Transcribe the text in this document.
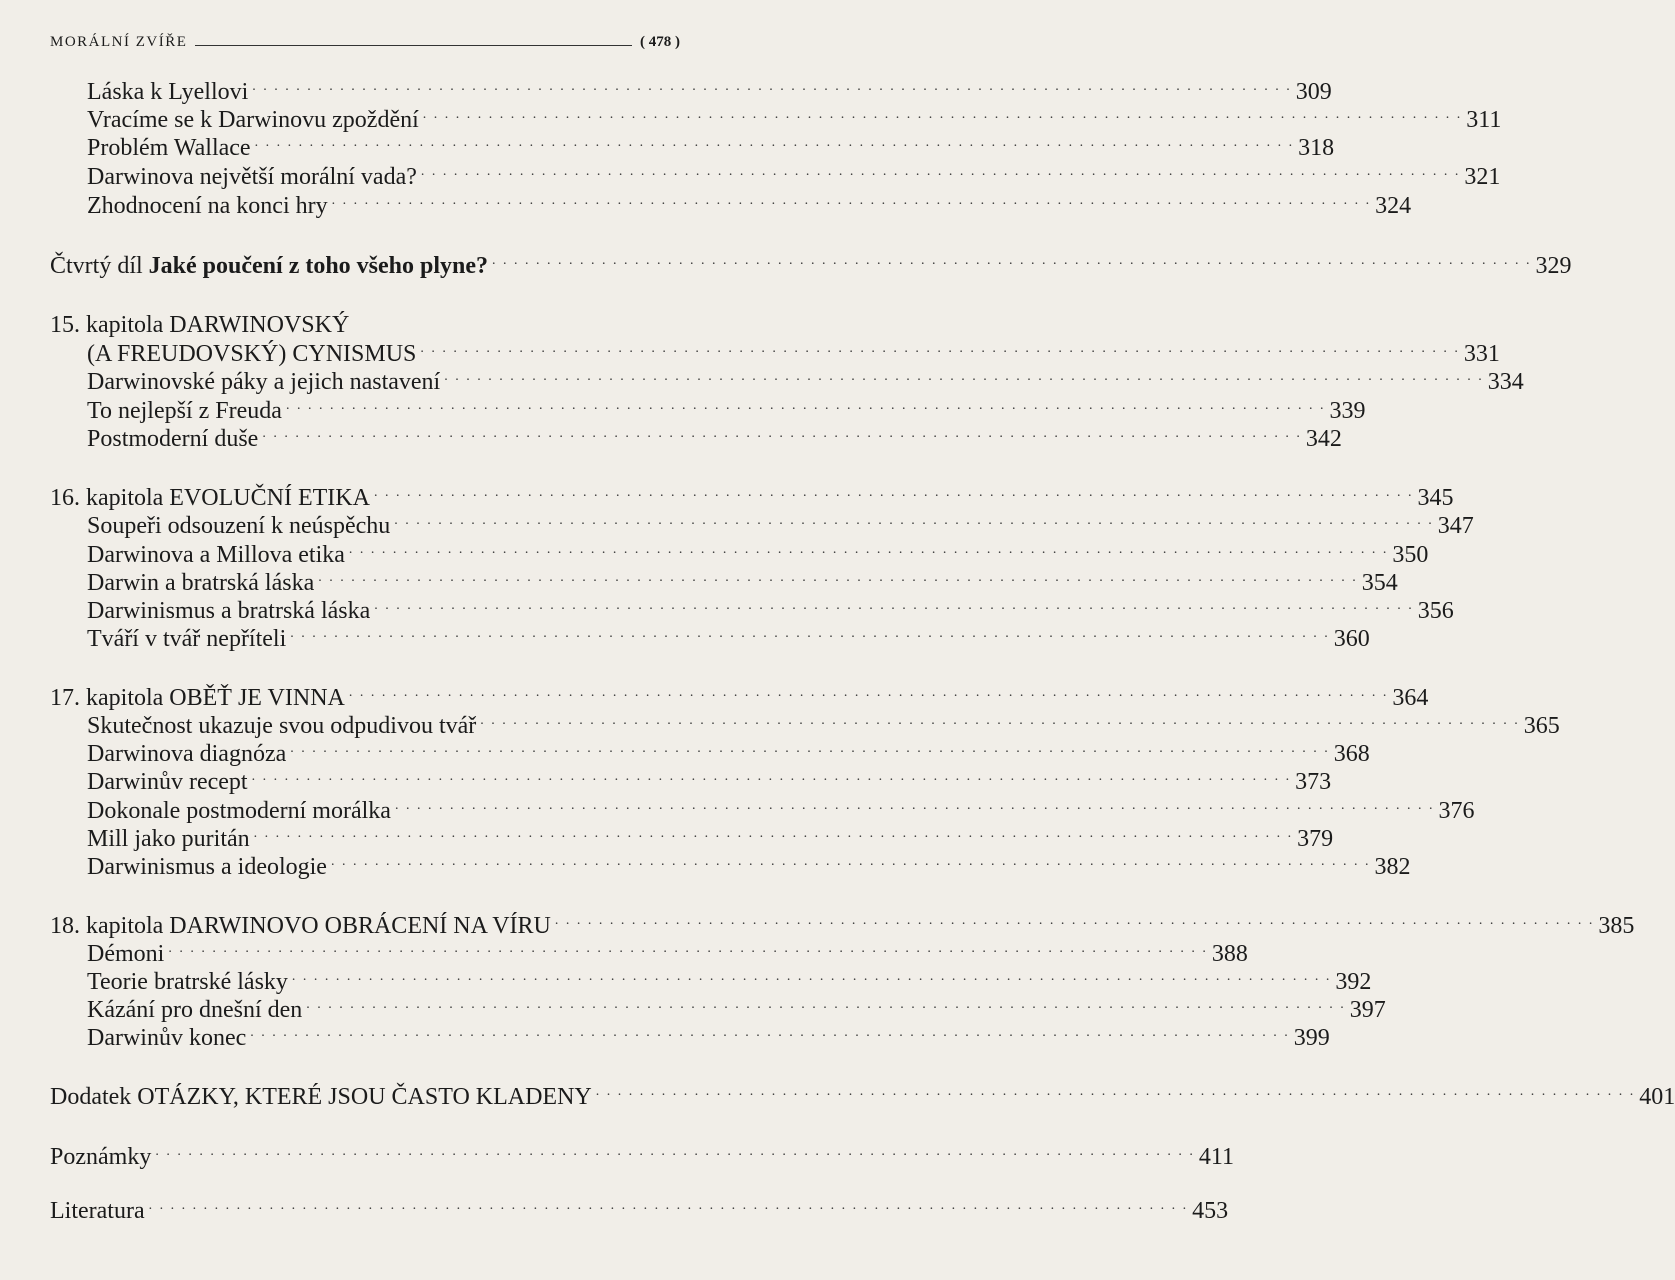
MORÁLNÍ ZVÍŘE	( 478 )
Láska k Lyellovi . . . . . . . . . . . . . . . . . . . . . . . . . . . . . . . . . . . . . . . . . . . . . . . . . . . . . . . . . . . . . . . . . . . . . . . . . . . . . . . . . . . . . . . . . . . . . . . 309
Vracíme se k Darwinovu zpoždění . . . . . . . . . . . . . . . . . . . . . . . . . . . . . . . . . . . . . . . . . . . . . . . . . . . . . . . . . . . . . . . . . . . . . . . . . . . . . . . . . . . . . . . . . . . . . . . 311
Problém Wallace . . . . . . . . . . . . . . . . . . . . . . . . . . . . . . . . . . . . . . . . . . . . . . . . . . . . . . . . . . . . . . . . . . . . . . . . . . . . . . . . . . . . . . . . . . . . . . . 318
Darwinova největší morální vada? . . . . . . . . . . . . . . . . . . . . . . . . . . . . . . . . . . . . . . . . . . . . . . . . . . . . . . . . . . . . . . . . . . . . . . . . . . . . . . . . . . . . . . . . . . . . . . . 321
Zhodnocení na konci hry . . . . . . . . . . . . . . . . . . . . . . . . . . . . . . . . . . . . . . . . . . . . . . . . . . . . . . . . . . . . . . . . . . . . . . . . . . . . . . . . . . . . . . . . . . . . . . . 324
Čtvrtý díl Jaké poučení z toho všeho plyne? . . . . . . . . . . . . . . . . . . . . . . . . . . . . . . . . . . . . . . . . . . . . . . . . . . . . . . . . . . . . . . . . . . . . . . . . . . . . . . . . . . . . . . . . . . . . . . . 329
15. kapitola DARWINOVSKÝ
(A FREUDOVSKÝ) CYNISMUS . . . . . . . . . . . . . . . . . . . . . . . . . . . . . . . . . . . . . . . . . . . . . . . . . . . . . . . . . . . . . . . . . . . . . . . . . . . . . . . . . . . . . . . . . . . . . . . 331
Darwinovské páky a jejich nastavení . . . . . . . . . . . . . . . . . . . . . . . . . . . . . . . . . . . . . . . . . . . . . . . . . . . . . . . . . . . . . . . . . . . . . . . . . . . . . . . . . . . . . . . . . . . . . . . 334
To nejlepší z Freuda . . . . . . . . . . . . . . . . . . . . . . . . . . . . . . . . . . . . . . . . . . . . . . . . . . . . . . . . . . . . . . . . . . . . . . . . . . . . . . . . . . . . . . . . . . . . . . . 339
Postmoderní duše . . . . . . . . . . . . . . . . . . . . . . . . . . . . . . . . . . . . . . . . . . . . . . . . . . . . . . . . . . . . . . . . . . . . . . . . . . . . . . . . . . . . . . . . . . . . . . . 342
16. kapitola EVOLUČNÍ ETIKA . . . . . . . . . . . . . . . . . . . . . . . . . . . . . . . . . . . . . . . . . . . . . . . . . . . . . . . . . . . . . . . . . . . . . . . . . . . . . . . . . . . . . . . . . . . . . . . 345
Soupeři odsouzení k neúspěchu . . . . . . . . . . . . . . . . . . . . . . . . . . . . . . . . . . . . . . . . . . . . . . . . . . . . . . . . . . . . . . . . . . . . . . . . . . . . . . . . . . . . . . . . . . . . . . . 347
Darwinova a Millova etika . . . . . . . . . . . . . . . . . . . . . . . . . . . . . . . . . . . . . . . . . . . . . . . . . . . . . . . . . . . . . . . . . . . . . . . . . . . . . . . . . . . . . . . . . . . . . . . 350
Darwin a bratrská láska . . . . . . . . . . . . . . . . . . . . . . . . . . . . . . . . . . . . . . . . . . . . . . . . . . . . . . . . . . . . . . . . . . . . . . . . . . . . . . . . . . . . . . . . . . . . . . . 354
Darwinismus a bratrská láska . . . . . . . . . . . . . . . . . . . . . . . . . . . . . . . . . . . . . . . . . . . . . . . . . . . . . . . . . . . . . . . . . . . . . . . . . . . . . . . . . . . . . . . . . . . . . . . 356
Tváří v tvář nepříteli . . . . . . . . . . . . . . . . . . . . . . . . . . . . . . . . . . . . . . . . . . . . . . . . . . . . . . . . . . . . . . . . . . . . . . . . . . . . . . . . . . . . . . . . . . . . . . . 360
17. kapitola OBĚŤ JE VINNA . . . . . . . . . . . . . . . . . . . . . . . . . . . . . . . . . . . . . . . . . . . . . . . . . . . . . . . . . . . . . . . . . . . . . . . . . . . . . . . . . . . . . . . . . . . . . . . 364
Skutečnost ukazuje svou odpudivou tvář . . . . . . . . . . . . . . . . . . . . . . . . . . . . . . . . . . . . . . . . . . . . . . . . . . . . . . . . . . . . . . . . . . . . . . . . . . . . . . . . . . . . . . . . . . . . . . . 365
Darwinova diagnóza . . . . . . . . . . . . . . . . . . . . . . . . . . . . . . . . . . . . . . . . . . . . . . . . . . . . . . . . . . . . . . . . . . . . . . . . . . . . . . . . . . . . . . . . . . . . . . . 368
Darwinův recept . . . . . . . . . . . . . . . . . . . . . . . . . . . . . . . . . . . . . . . . . . . . . . . . . . . . . . . . . . . . . . . . . . . . . . . . . . . . . . . . . . . . . . . . . . . . . . . 373
Dokonale postmoderní morálka . . . . . . . . . . . . . . . . . . . . . . . . . . . . . . . . . . . . . . . . . . . . . . . . . . . . . . . . . . . . . . . . . . . . . . . . . . . . . . . . . . . . . . . . . . . . . . . 376
Mill jako puritán . . . . . . . . . . . . . . . . . . . . . . . . . . . . . . . . . . . . . . . . . . . . . . . . . . . . . . . . . . . . . . . . . . . . . . . . . . . . . . . . . . . . . . . . . . . . . . . 379
Darwinismus a ideologie . . . . . . . . . . . . . . . . . . . . . . . . . . . . . . . . . . . . . . . . . . . . . . . . . . . . . . . . . . . . . . . . . . . . . . . . . . . . . . . . . . . . . . . . . . . . . . . 382
18. kapitola DARWINOVO OBRÁCENÍ NA VÍRU . . . . . . . . . . . . . . . . . . . . . . . . . . . . . . . . . . . . . . . . . . . . . . . . . . . . . . . . . . . . . . . . . . . . . . . . . . . . . . . . . . . . . . . . . . . . . . . 385
Démoni . . . . . . . . . . . . . . . . . . . . . . . . . . . . . . . . . . . . . . . . . . . . . . . . . . . . . . . . . . . . . . . . . . . . . . . . . . . . . . . . . . . . . . . . . . . . . . . 388
Teorie bratrské lásky . . . . . . . . . . . . . . . . . . . . . . . . . . . . . . . . . . . . . . . . . . . . . . . . . . . . . . . . . . . . . . . . . . . . . . . . . . . . . . . . . . . . . . . . . . . . . . . 392
Kázání pro dnešní den . . . . . . . . . . . . . . . . . . . . . . . . . . . . . . . . . . . . . . . . . . . . . . . . . . . . . . . . . . . . . . . . . . . . . . . . . . . . . . . . . . . . . . . . . . . . . . . 397
Darwinův konec . . . . . . . . . . . . . . . . . . . . . . . . . . . . . . . . . . . . . . . . . . . . . . . . . . . . . . . . . . . . . . . . . . . . . . . . . . . . . . . . . . . . . . . . . . . . . . . 399
Dodatek OTÁZKY, KTERÉ JSOU ČASTO KLADENY . . . . . . . . . . . . . . . . . . . . . . . . . . . . . . . . . . . . . . . . . . . . . . . . . . . . . . . . . . . . . . . . . . . . . . . . . . . . . . . . . . . . . . . . . . . . . . . 401
Poznámky . . . . . . . . . . . . . . . . . . . . . . . . . . . . . . . . . . . . . . . . . . . . . . . . . . . . . . . . . . . . . . . . . . . . . . . . . . . . . . . . . . . . . . . . . . . . . . . 411
Literatura . . . . . . . . . . . . . . . . . . . . . . . . . . . . . . . . . . . . . . . . . . . . . . . . . . . . . . . . . . . . . . . . . . . . . . . . . . . . . . . . . . . . . . . . . . . . . . . 453
